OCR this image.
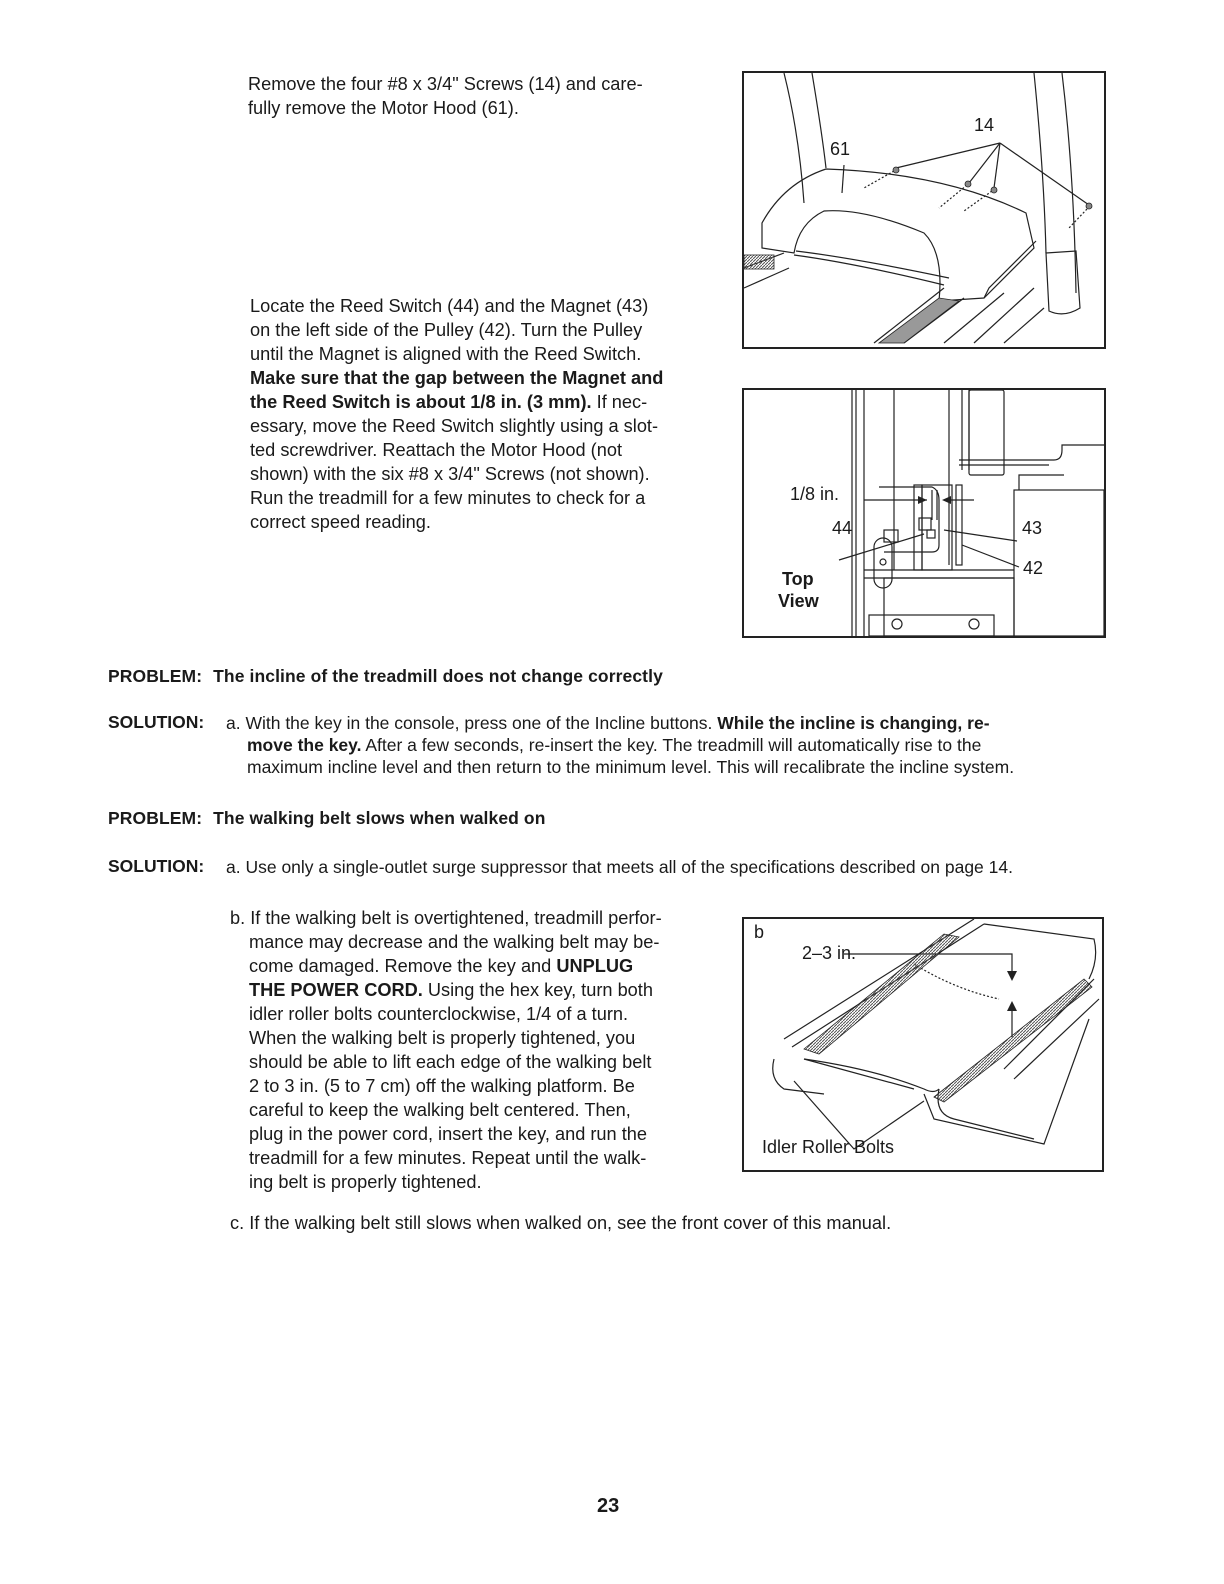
Remove the four #8 x 3/4" Screws (14) and care-
fully remove the Motor Hood (61).
61
14
Locate the Reed Switch (44) and the Magnet (43)
on the left side of the Pulley (42). Turn the Pulley
until the Magnet is aligned with the Reed Switch.
Make sure that the gap between the Magnet and
the Reed Switch is about 1/8 in. (3 mm). If nec-
essary, move the Reed Switch slightly using a slot-
ted screwdriver. Reattach the Motor Hood (not
shown) with the six #8 x 3/4" Screws (not shown).
Run the treadmill for a few minutes to check for a
correct speed reading.
1/8 in.
44	43
42
Top
View
PROBLEM: The incline of the treadmill does not change correctly
SOLUTION: a. With the key in the console, press one of the Incline buttons. While the incline is changing, re-
move the key. After a few seconds, re-insert the key. The treadmill will automatically rise to the
maximum incline level and then return to the minimum level. This will recalibrate the incline system.
PROBLEM: The walking belt slows when walked on
SOLUTION: a. Use only a single-outlet surge suppressor that meets all of the specifications described on page 14.
b. If the walking belt is overtightened, treadmill perfor-
mance may decrease and the walking belt may be-
come damaged. Remove the key and UNPLUG
THE POWER CORD. Using the hex key, turn both
idler roller bolts counterclockwise, 1/4 of a turn.
When the walking belt is properly tightened, you
should be able to lift each edge of the walking belt
2 to 3 in. (5 to 7 cm) off the walking platform. Be
careful to keep the walking belt centered. Then,
plug in the power cord, insert the key, and run the
treadmill for a few minutes. Repeat until the walk-
ing belt is properly tightened.
b
2–3 in.
Idler Roller Bolts
c. If the walking belt still slows when walked on, see the front cover of this manual.
23
